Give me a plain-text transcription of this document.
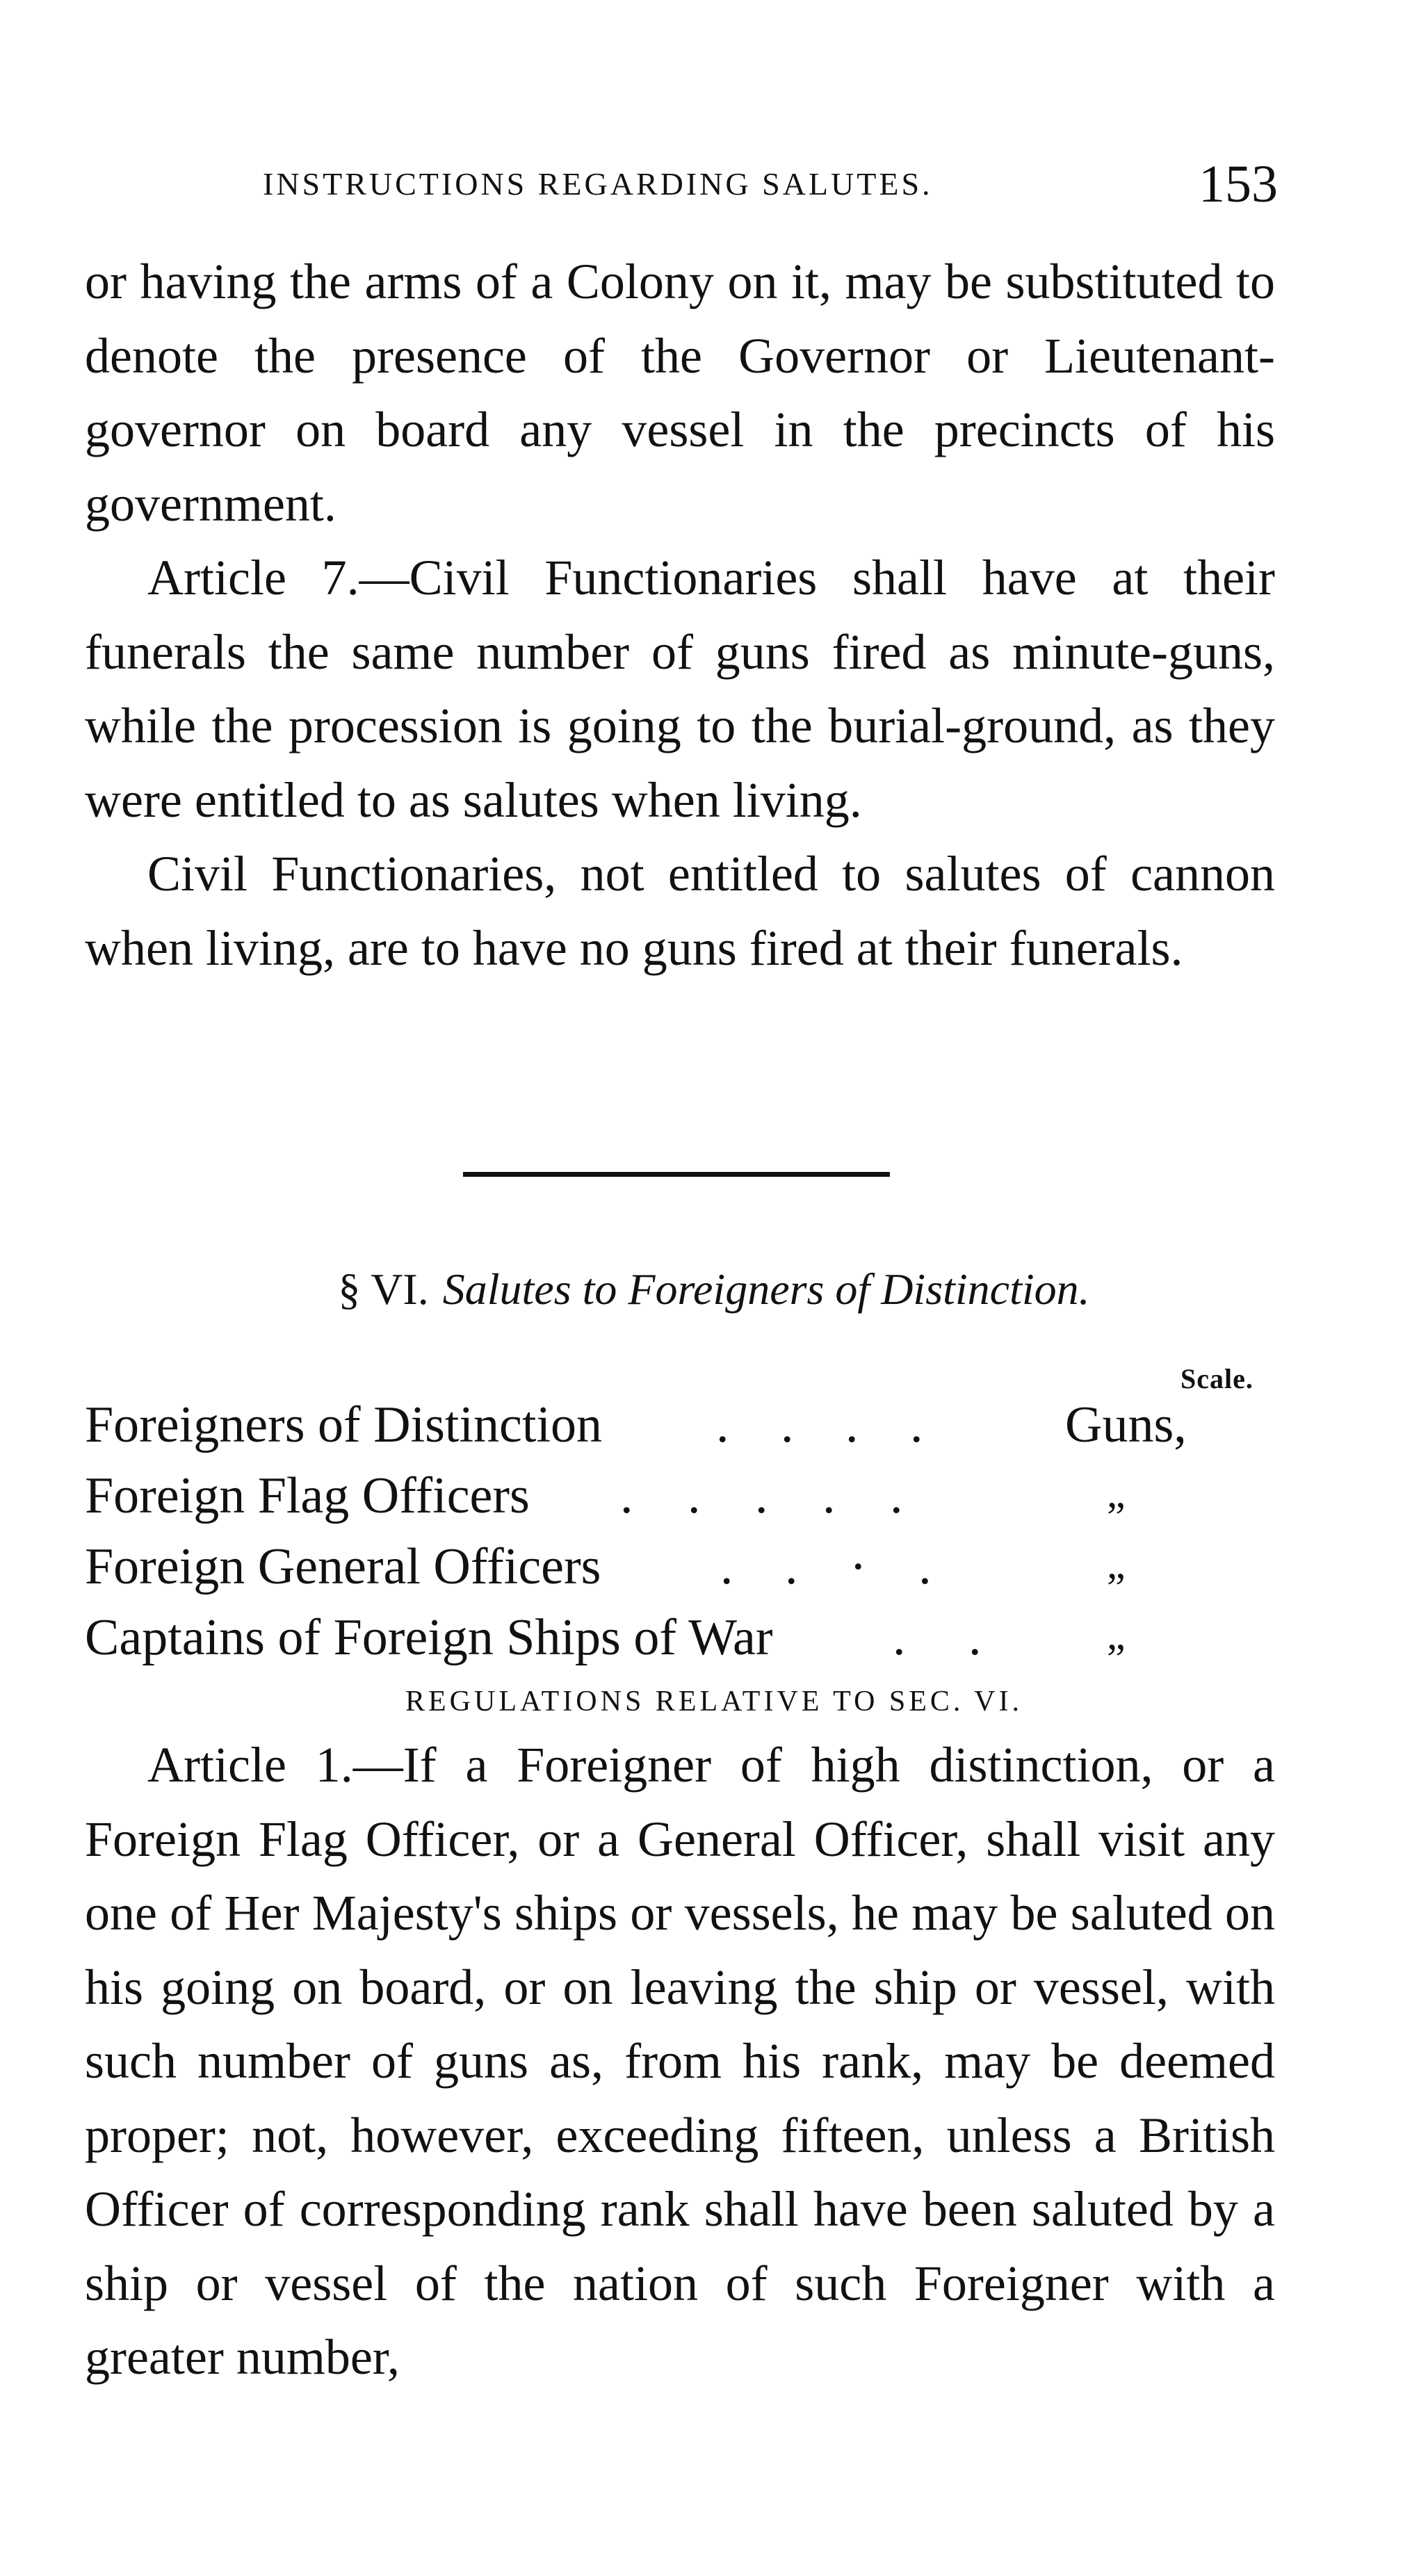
INSTRUCTIONS REGARDING SALUTES.	153

or having the arms of a Colony on it, may be substituted to denote the presence of the Governor or Lieutenant-governor on board any vessel in the precincts of his government.

Article 7.—Civil Functionaries shall have at their funerals the same number of guns fired as minute-guns, while the procession is going to the burial-ground, as they were entitled to as salutes when living.

Civil Functionaries, not entitled to salutes of cannon when living, are to have no guns fired at their funerals.

§ VI. Salutes to Foreigners of Distinction.
Scale.
Foreigners of Distinction . . . . Guns,
Foreign Flag Officers . . . . .	„
Foreign General Officers . . · .	„
Captains of Foreign Ships of War . . „
REGULATIONS RELATIVE TO SEC. VI.

Article 1.—If a Foreigner of high distinction, or a Foreign Flag Officer, or a General Officer, shall visit any one of Her Majesty's ships or vessels, he may be saluted on his going on board, or on leaving the ship or vessel, with such number of guns as, from his rank, may be deemed proper; not, however, exceeding fifteen, unless a British Officer of corresponding rank shall have been saluted by a ship or vessel of the nation of such Foreigner with a greater number,
